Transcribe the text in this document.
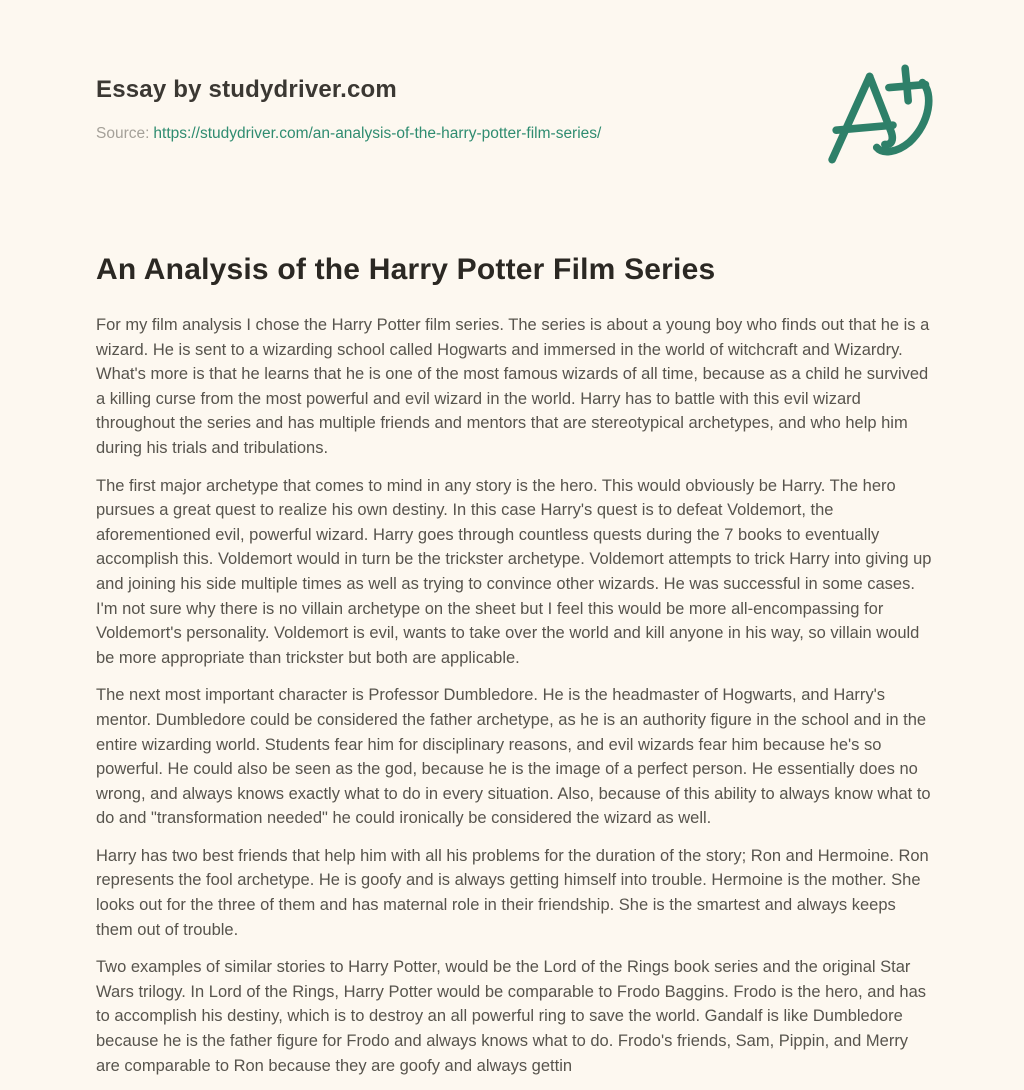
Essay by studydriver.com
Source: https://studydriver.com/an-analysis-of-the-harry-potter-film-series/
An Analysis of the Harry Potter Film Series

For my film analysis I chose the Harry Potter film series. The series is about a young boy who finds out that he is a wizard. He is sent to a wizarding school called Hogwarts and immersed in the world of witchcraft and Wizardry. What's more is that he learns that he is one of the most famous wizards of all time, because as a child he survived a killing curse from the most powerful and evil wizard in the world. Harry has to battle with this evil wizard throughout the series and has multiple friends and mentors that are stereotypical archetypes, and who help him during his trials and tribulations.

The first major archetype that comes to mind in any story is the hero. This would obviously be Harry. The hero pursues a great quest to realize his own destiny. In this case Harry's quest is to defeat Voldemort, the aforementioned evil, powerful wizard. Harry goes through countless quests during the 7 books to eventually accomplish this. Voldemort would in turn be the trickster archetype. Voldemort attempts to trick Harry into giving up and joining his side multiple times as well as trying to convince other wizards. He was successful in some cases. I'm not sure why there is no villain archetype on the sheet but I feel this would be more all-encompassing for Voldemort's personality. Voldemort is evil, wants to take over the world and kill anyone in his way, so villain would be more appropriate than trickster but both are applicable.

The next most important character is Professor Dumbledore. He is the headmaster of Hogwarts, and Harry's mentor. Dumbledore could be considered the father archetype, as he is an authority figure in the school and in the entire wizarding world. Students fear him for disciplinary reasons, and evil wizards fear him because he's so powerful. He could also be seen as the god, because he is the image of a perfect person. He essentially does no wrong, and always knows exactly what to do in every situation. Also, because of this ability to always know what to do and "transformation needed" he could ironically be considered the wizard as well.

Harry has two best friends that help him with all his problems for the duration of the story; Ron and Hermoine. Ron represents the fool archetype. He is goofy and is always getting himself into trouble. Hermoine is the mother. She looks out for the three of them and has maternal role in their friendship. She is the smartest and always keeps them out of trouble.

Two examples of similar stories to Harry Potter, would be the Lord of the Rings book series and the original Star Wars trilogy. In Lord of the Rings, Harry Potter would be comparable to Frodo Baggins. Frodo is the hero, and has to accomplish his destiny, which is to destroy an all powerful ring to save the world. Gandalf is like Dumbledore because he is the father figure for Frodo and always knows what to do. Frodo's friends, Sam, Pippin, and Merry are comparable to Ron because they are goofy and always gettin
